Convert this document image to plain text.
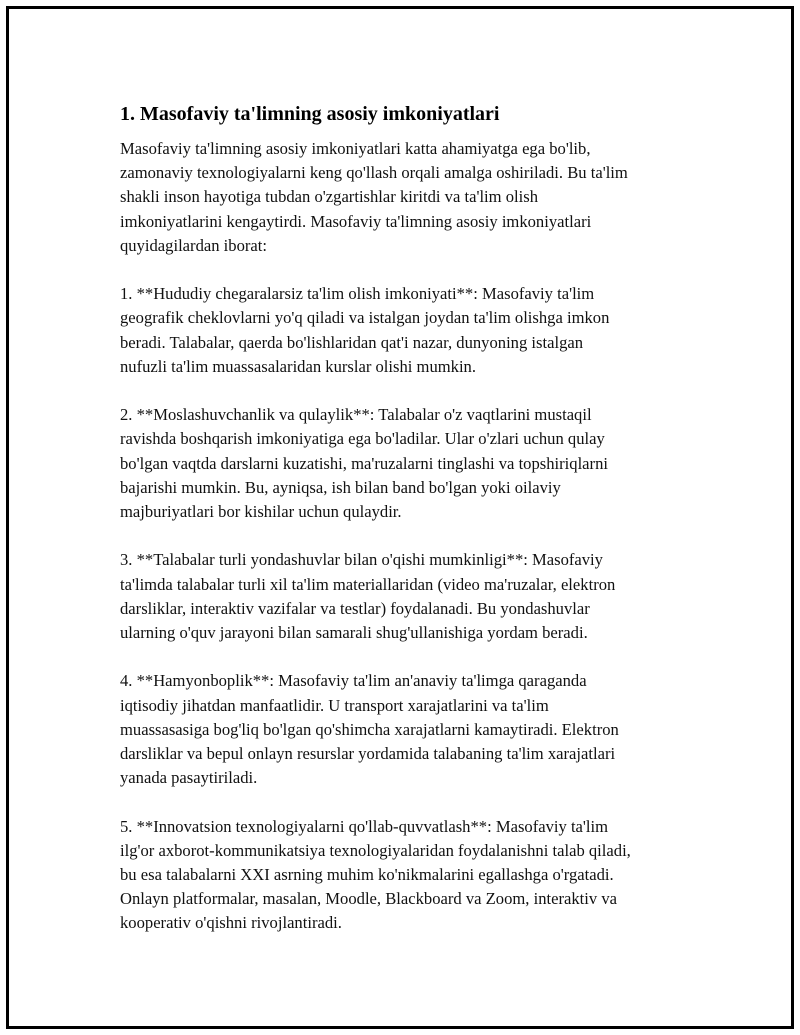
1. Masofaviy ta'limning asosiy imkoniyatlari

Masofaviy ta'limning asosiy imkoniyatlari katta ahamiyatga ega bo'lib,
zamonaviy texnologiyalarni keng qo'llash orqali amalga oshiriladi. Bu ta'lim
shakli inson hayotiga tubdan o'zgartishlar kiritdi va ta'lim olish
imkoniyatlarini kengaytirdi. Masofaviy ta'limning asosiy imkoniyatlari
quyidagilardan iborat:

1. **Hududiy chegaralarsiz ta'lim olish imkoniyati**: Masofaviy ta'lim
geografik cheklovlarni yo'q qiladi va istalgan joydan ta'lim olishga imkon
beradi. Talabalar, qaerda bo'lishlaridan qat'i nazar, dunyoning istalgan
nufuzli ta'lim muassasalaridan kurslar olishi mumkin.

2. **Moslashuvchanlik va qulaylik**: Talabalar o'z vaqtlarini mustaqil
ravishda boshqarish imkoniyatiga ega bo'ladilar. Ular o'zlari uchun qulay
bo'lgan vaqtda darslarni kuzatishi, ma'ruzalarni tinglashi va topshiriqlarni
bajarishi mumkin. Bu, ayniqsa, ish bilan band bo'lgan yoki oilaviy
majburiyatlari bor kishilar uchun qulaydir.

3. **Talabalar turli yondashuvlar bilan o'qishi mumkinligi**: Masofaviy
ta'limda talabalar turli xil ta'lim materiallaridan (video ma'ruzalar, elektron
darsliklar, interaktiv vazifalar va testlar) foydalanadi. Bu yondashuvlar
ularning o'quv jarayoni bilan samarali shug'ullanishiga yordam beradi.

4. **Hamyonboplik**: Masofaviy ta'lim an'anaviy ta'limga qaraganda
iqtisodiy jihatdan manfaatlidir. U transport xarajatlarini va ta'lim
muassasasiga bog'liq bo'lgan qo'shimcha xarajatlarni kamaytiradi. Elektron
darsliklar va bepul onlayn resurslar yordamida talabaning ta'lim xarajatlari
yanada pasaytiriladi.

5. **Innovatsion texnologiyalarni qo'llab-quvvatlash**: Masofaviy ta'lim
ilg'or axborot-kommunikatsiya texnologiyalaridan foydalanishni talab qiladi,
bu esa talabalarni XXI asrning muhim ko'nikmalarini egallashga o'rgatadi.
Onlayn platformalar, masalan, Moodle, Blackboard va Zoom, interaktiv va
kooperativ o'qishni rivojlantiradi.
